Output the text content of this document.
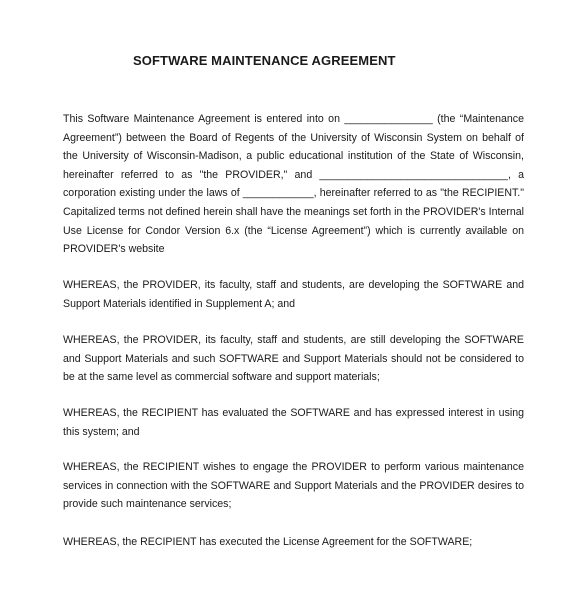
SOFTWARE MAINTENANCE AGREEMENT
This Software Maintenance Agreement is entered into on _______________ (the “Maintenance
Agreement”) between the Board of Regents of the University of Wisconsin System on behalf of
the University of Wisconsin-Madison, a public educational institution of the State of Wisconsin,
hereinafter referred to as "the PROVIDER," and ________________________________, a
corporation existing under the laws of ____________, hereinafter referred to as "the RECIPIENT."
Capitalized terms not defined herein shall have the meanings set forth in the PROVIDER's Internal
Use License for Condor Version 6.x (the “License Agreement”) which is currently available on
PROVIDER's website
WHEREAS, the PROVIDER, its faculty, staff and students, are developing the SOFTWARE and
Support Materials identified in Supplement A; and
WHEREAS, the PROVIDER, its faculty, staff and students, are still developing the SOFTWARE
and Support Materials and such SOFTWARE and Support Materials should not be considered to
be at the same level as commercial software and support materials;
WHEREAS, the RECIPIENT has evaluated the SOFTWARE and has expressed interest in using
this system; and
WHEREAS, the RECIPIENT wishes to engage the PROVIDER to perform various maintenance
services in connection with the SOFTWARE and Support Materials and the PROVIDER desires to
provide such maintenance services;
WHEREAS, the RECIPIENT has executed the License Agreement for the SOFTWARE;
